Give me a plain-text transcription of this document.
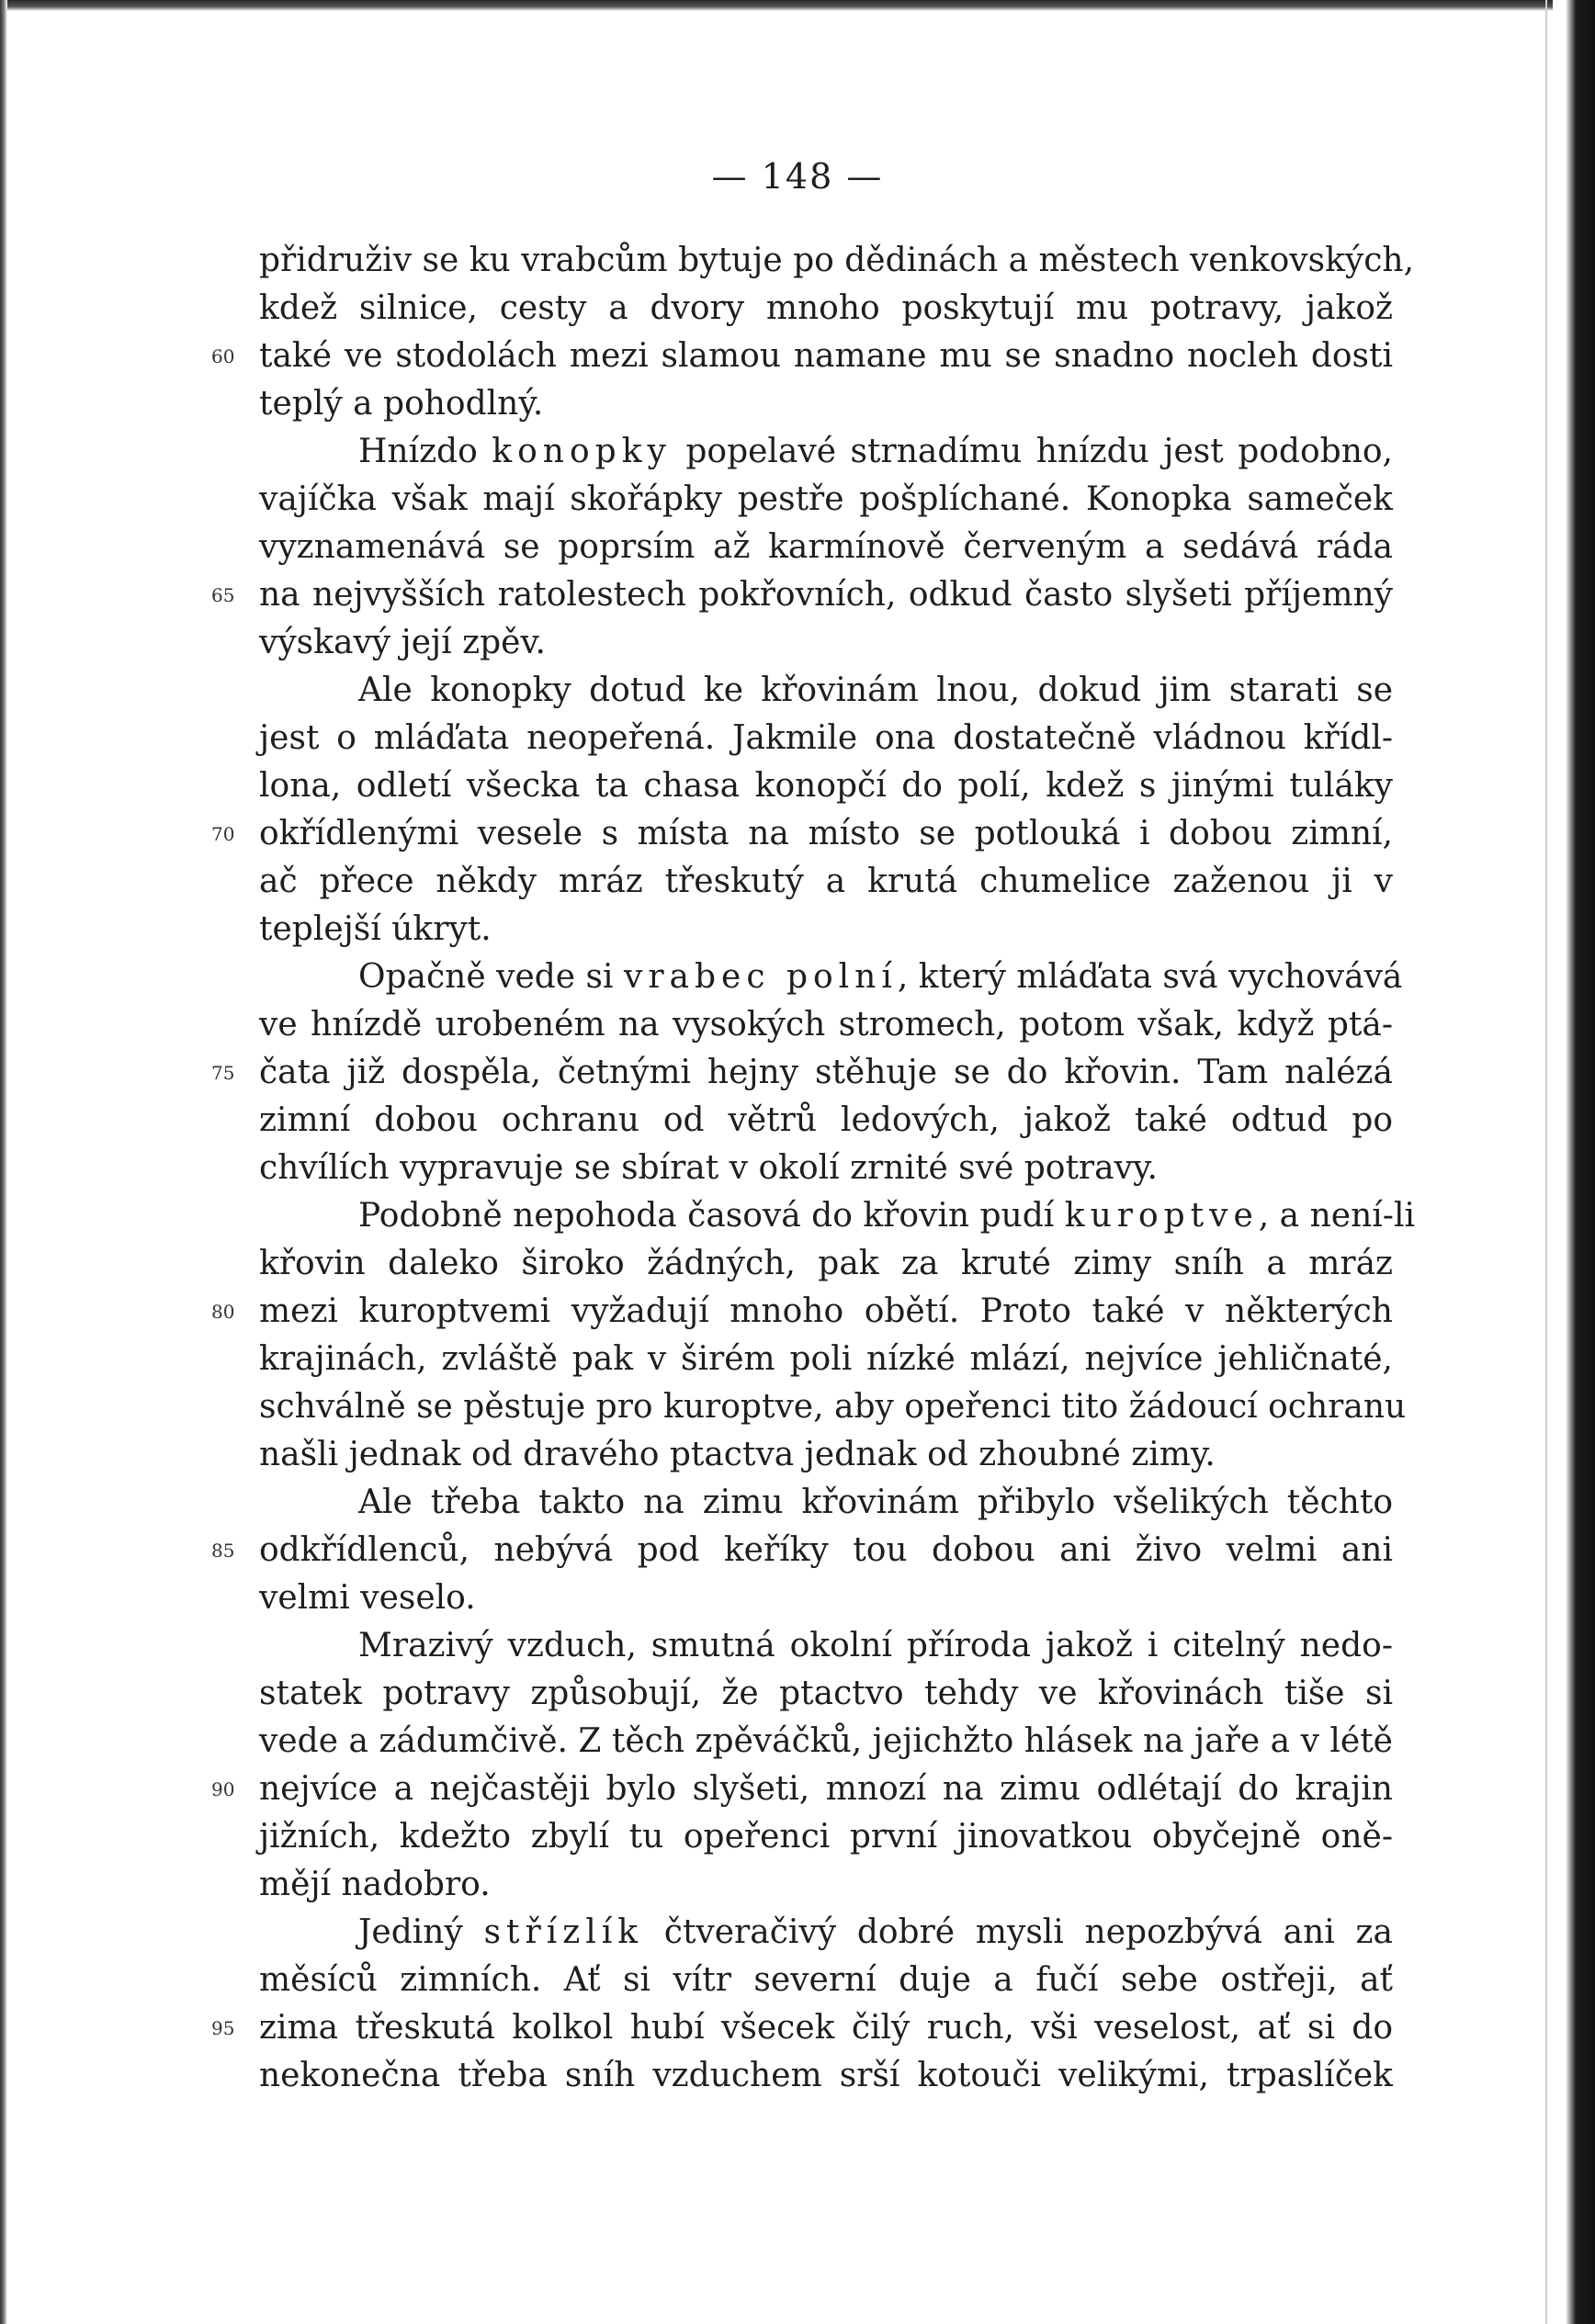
— 148 —
přidruživ se ku vrabcům bytuje po dědinách a městech venkovských,
kdež silnice, cesty a dvory mnoho poskytují mu potravy, jakož
60 také ve stodolách mezi slamou namane mu se snadno nocleh dosti
teplý a pohodlný.
Hnízdo konopky popelavé strnadímu hnízdu jest podobno,
vajíčka však mají skořápky pestře pošplíchané. Konopka sameček
vyznamenává se poprsím až karmínově červeným a sedává ráda
65 na nejvyšších ratolestech pokřovních, odkud často slyšeti příjemný
výskavý její zpěv.
Ale konopky dotud ke křovinám lnou, dokud jim starati se
jest o mláďata neopeřená. Jakmile ona dostatečně vládnou křídl-
lona, odletí všecka ta chasa konopčí do polí, kdež s jinými tuláky
70 okřídlenými vesele s místa na místo se potlouká i dobou zimní,
ač přece někdy mráz třeskutý a krutá chumelice zaženou ji v
teplejší úkryt.
Opačně vede si vrabec polní, který mláďata svá vychovává
ve hnízdě urobeném na vysokých stromech, potom však, když ptá-
75 čata již dospěla, četnými hejny stěhuje se do křovin. Tam nalézá
zimní dobou ochranu od větrů ledových, jakož také odtud po
chvílích vypravuje se sbírat v okolí zrnité své potravy.
Podobně nepohoda časová do křovin pudí kuroptve, a není-li
křovin daleko široko žádných, pak za kruté zimy sníh a mráz
80 mezi kuroptvemi vyžadují mnoho obětí. Proto také v některých
krajinách, zvláště pak v širém poli nízké mlází, nejvíce jehličnaté,
schválně se pěstuje pro kuroptve, aby opeřenci tito žádoucí ochranu
našli jednak od dravého ptactva jednak od zhoubné zimy.
Ale třeba takto na zimu křovinám přibylo všelikých těchto
85 odkřídlenců, nebývá pod keříky tou dobou ani živo velmi ani
velmi veselo.
Mrazivý vzduch, smutná okolní příroda jakož i citelný nedo-
statek potravy způsobují, že ptactvo tehdy ve křovinách tiše si
vede a zádumčivě. Z těch zpěváčků, jejichžto hlásek na jaře a v létě
90 nejvíce a nejčastěji bylo slyšeti, mnozí na zimu odlétají do krajin
jižních, kdežto zbylí tu opeřenci první jinovatkou obyčejně oně-
mějí nadobro.
Jediný střízlík čtveračivý dobré mysli nepozbývá ani za
měsíců zimních. Ať si vítr severní duje a fučí sebe ostřeji, ať
95 zima třeskutá kolkol hubí všecek čilý ruch, vši veselost, ať si do
nekonečna třeba sníh vzduchem srší kotouči velikými, trpaslíček
